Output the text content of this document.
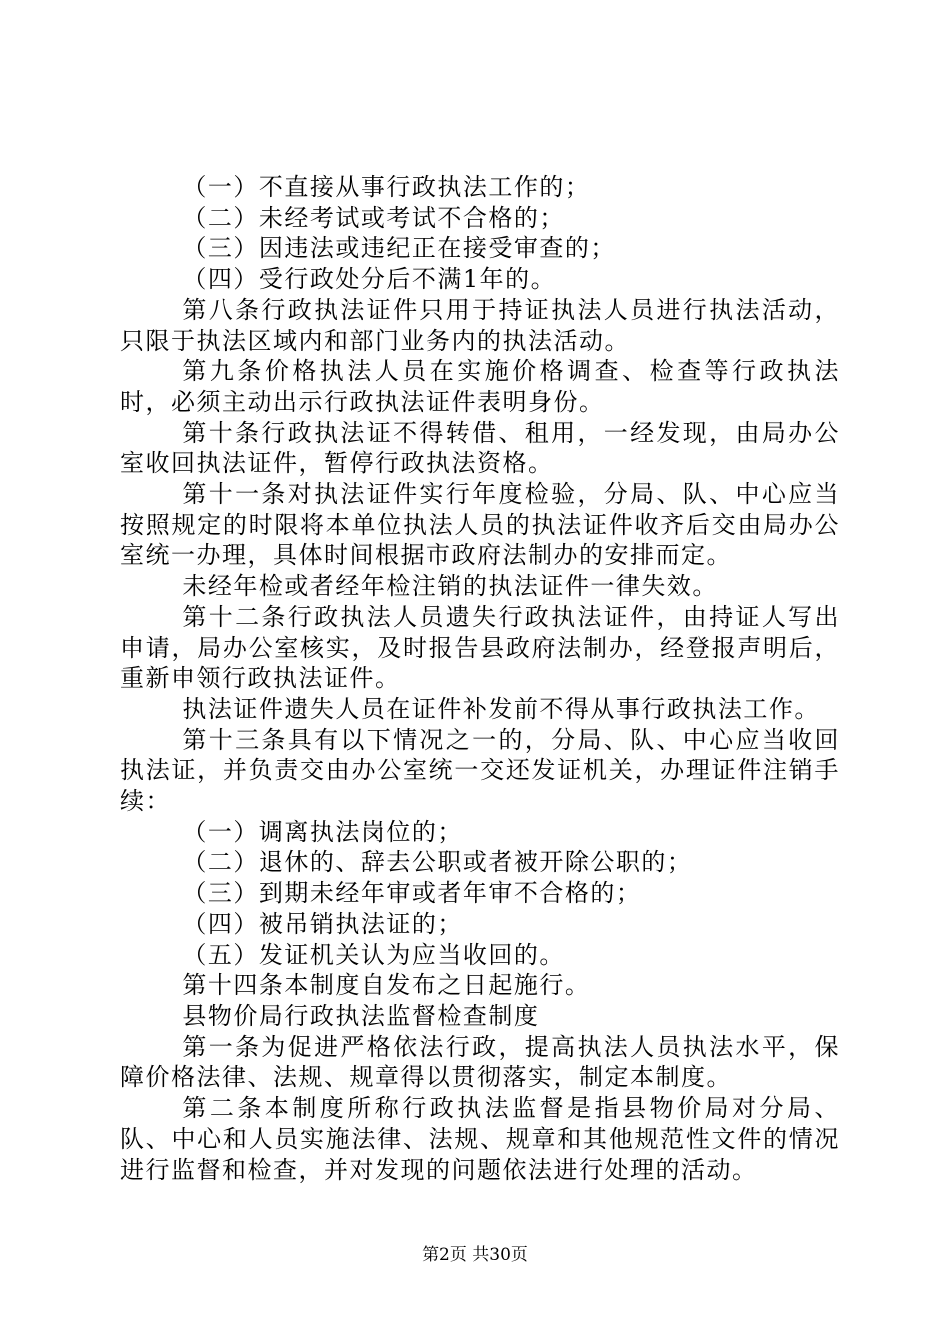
（一）不直接从事行政执法工作的；

（二）未经考试或考试不合格的；

（三）因违法或违纪正在接受审查的；

（四）受行政处分后不满1年的。

第八条行政执法证件只用于持证执法人员进行执法活动，只限于执法区域内和部门业务内的执法活动。

第九条价格执法人员在实施价格调查、检查等行政执法时，必须主动出示行政执法证件表明身份。

第十条行政执法证不得转借、租用，一经发现，由局办公室收回执法证件，暂停行政执法资格。

第十一条对执法证件实行年度检验，分局、队、中心应当按照规定的时限将本单位执法人员的执法证件收齐后交由局办公室统一办理，具体时间根据市政府法制办的安排而定。

未经年检或者经年检注销的执法证件一律失效。

第十二条行政执法人员遗失行政执法证件，由持证人写出申请，局办公室核实，及时报告县政府法制办，经登报声明后，重新申领行政执法证件。

执法证件遗失人员在证件补发前不得从事行政执法工作。

第十三条具有以下情况之一的，分局、队、中心应当收回执法证，并负责交由办公室统一交还发证机关，办理证件注销手续：

（一）调离执法岗位的；

（二）退休的、辞去公职或者被开除公职的；

（三）到期未经年审或者年审不合格的；

（四）被吊销执法证的；

（五）发证机关认为应当收回的。

第十四条本制度自发布之日起施行。

县物价局行政执法监督检查制度

第一条为促进严格依法行政，提高执法人员执法水平，保障价格法律、法规、规章得以贯彻落实，制定本制度。

第二条本制度所称行政执法监督是指县物价局对分局、队、中心和人员实施法律、法规、规章和其他规范性文件的情况进行监督和检查，并对发现的问题依法进行处理的活动。

第2页 共30页
